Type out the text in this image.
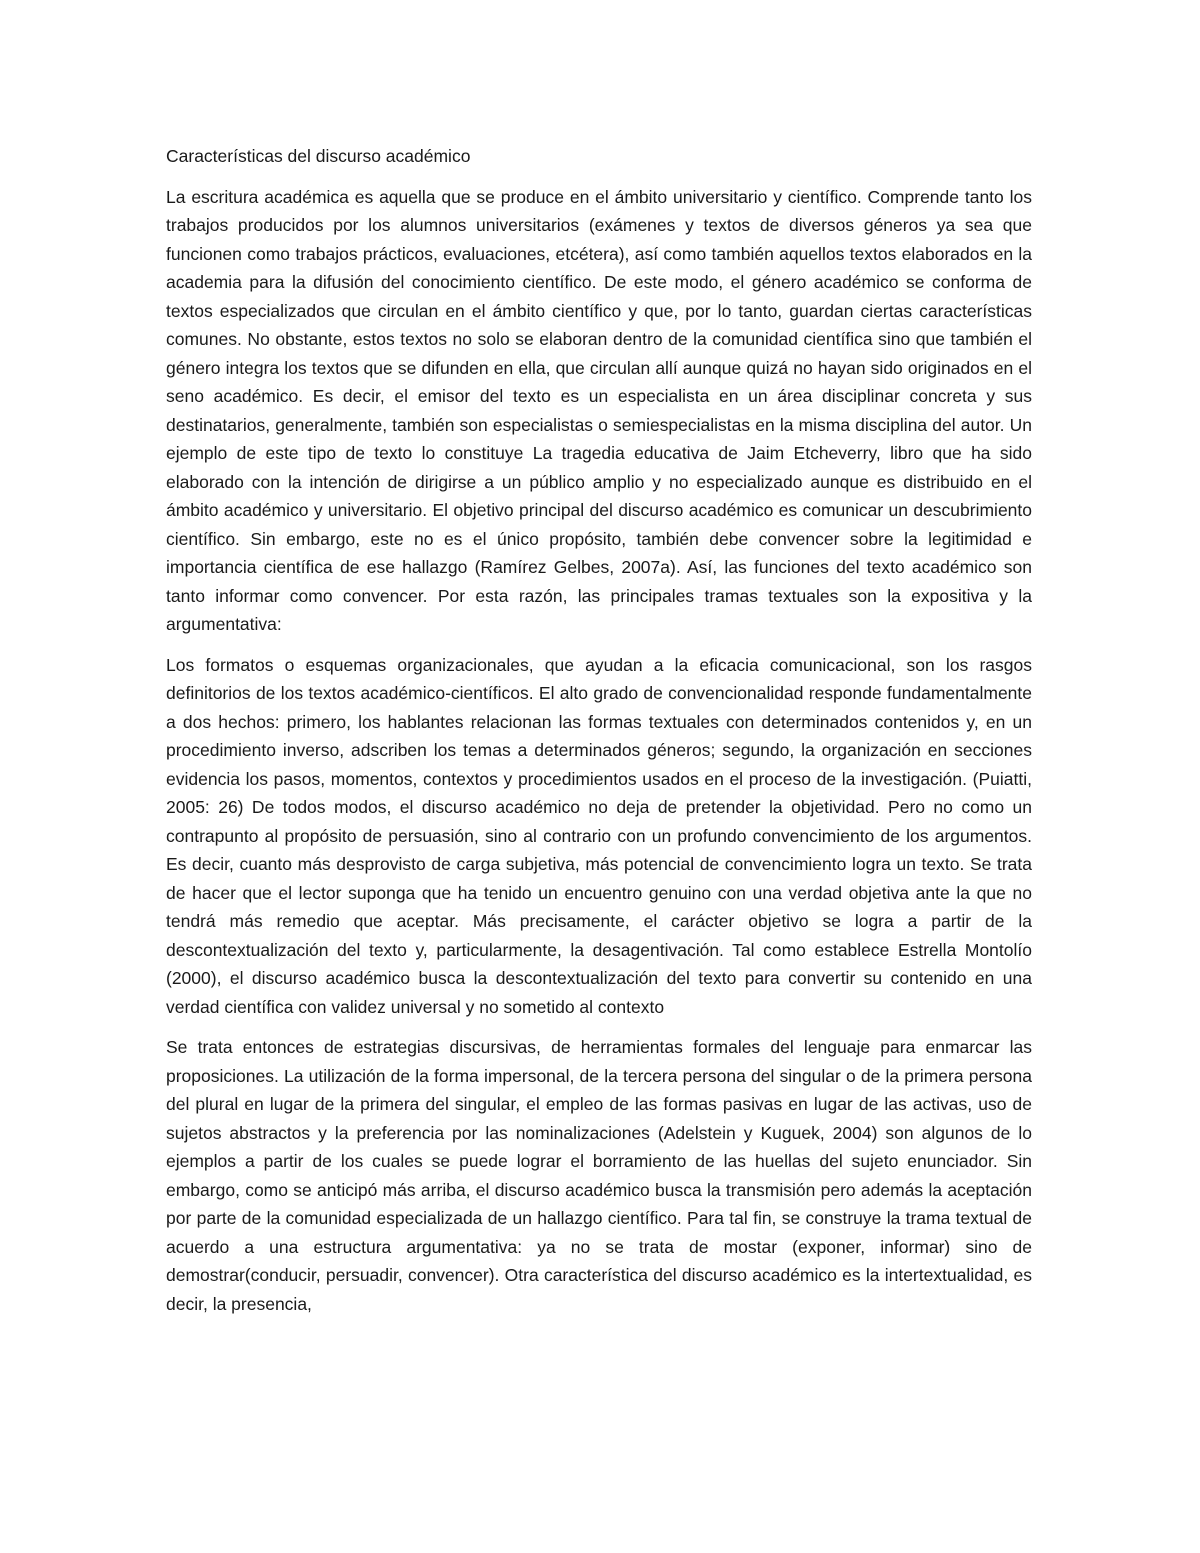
Características del discurso académico

La escritura académica es aquella que se produce en el ámbito universitario y científico. Comprende tanto los trabajos producidos por los alumnos universitarios (exámenes y textos de diversos géneros ya sea que funcionen como trabajos prácticos, evaluaciones, etcétera), así como también aquellos textos elaborados en la academia para la difusión del conocimiento científico. De este modo, el género académico se conforma de textos especializados que circulan en el ámbito científico y que, por lo tanto, guardan ciertas características comunes. No obstante, estos textos no solo se elaboran dentro de la comunidad científica sino que también el género integra los textos que se difunden en ella, que circulan allí aunque quizá no hayan sido originados en el seno académico. Es decir, el emisor del texto es un especialista en un área disciplinar concreta y sus destinatarios, generalmente, también son especialistas o semiespecialistas en la misma disciplina del autor. Un ejemplo de este tipo de texto lo constituye La tragedia educativa de Jaim Etcheverry, libro que ha sido elaborado con la intención de dirigirse a un público amplio y no especializado aunque es distribuido en el ámbito académico y universitario. El objetivo principal del discurso académico es comunicar un descubrimiento científico. Sin embargo, este no es el único propósito, también debe convencer sobre la legitimidad e importancia científica de ese hallazgo (Ramírez Gelbes, 2007a). Así, las funciones del texto académico son tanto informar como convencer. Por esta razón, las principales tramas textuales son la expositiva y la argumentativa:

Los formatos o esquemas organizacionales, que ayudan a la eficacia comunicacional, son los rasgos definitorios de los textos académico-científicos. El alto grado de convencionalidad responde fundamentalmente a dos hechos: primero, los hablantes relacionan las formas textuales con determinados contenidos y, en un procedimiento inverso, adscriben los temas a determinados géneros; segundo, la organización en secciones evidencia los pasos, momentos, contextos y procedimientos usados en el proceso de la investigación. (Puiatti, 2005: 26) De todos modos, el discurso académico no deja de pretender la objetividad. Pero no como un contrapunto al propósito de persuasión, sino al contrario con un profundo convencimiento de los argumentos. Es decir, cuanto más desprovisto de carga subjetiva, más potencial de convencimiento logra un texto. Se trata de hacer que el lector suponga que ha tenido un encuentro genuino con una verdad objetiva ante la que no tendrá más remedio que aceptar. Más precisamente, el carácter objetivo se logra a partir de la descontextualización del texto y, particularmente, la desagentivación. Tal como establece Estrella Montolío (2000), el discurso académico busca la descontextualización del texto para convertir su contenido en una verdad científica con validez universal y no sometido al contexto

Se trata entonces de estrategias discursivas, de herramientas formales del lenguaje para enmarcar las proposiciones. La utilización de la forma impersonal, de la tercera persona del singular o de la primera persona del plural en lugar de la primera del singular, el empleo de las formas pasivas en lugar de las activas, uso de sujetos abstractos y la preferencia por las nominalizaciones (Adelstein y Kuguek, 2004) son algunos de lo ejemplos a partir de los cuales se puede lograr el borramiento de las huellas del sujeto enunciador. Sin embargo, como se anticipó más arriba, el discurso académico busca la transmisión pero además la aceptación por parte de la comunidad especializada de un hallazgo científico. Para tal fin, se construye la trama textual de acuerdo a una estructura argumentativa: ya no se trata de mostar (exponer, informar) sino de demostrar(conducir, persuadir, convencer). Otra característica del discurso académico es la intertextualidad, es decir, la presencia,
